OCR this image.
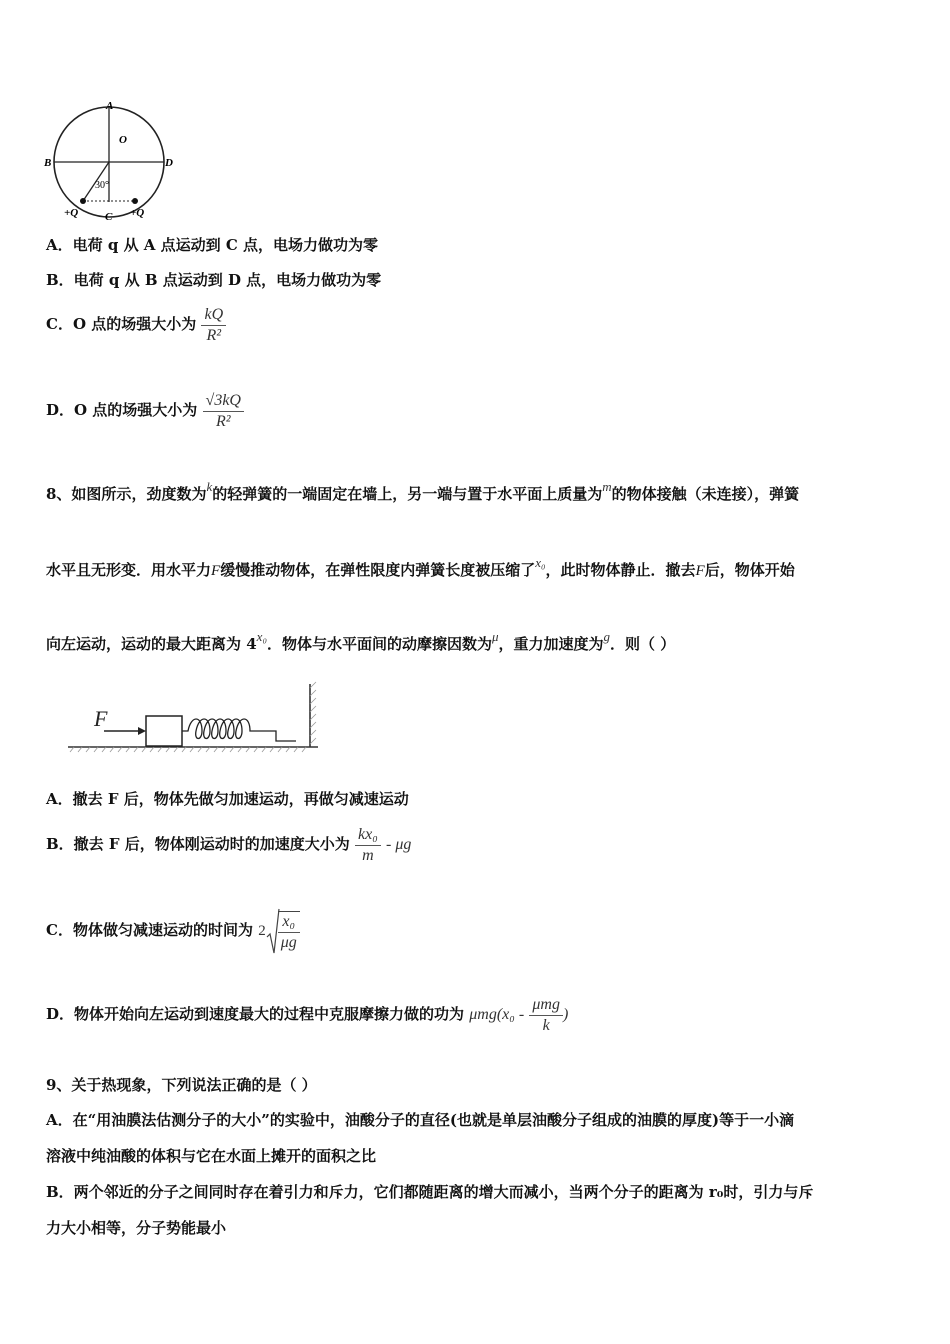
A
O
B	D
30°
C
+Q	+Q
A．电荷 q 从 A 点运动到 C 点，电场力做功为零
B．电荷 q 从 B 点运动到 D 点，电场力做功为零
C．O 点的场强大小为 $\frac{kQ}{\text{R²}}$
D．O 点的场强大小为 $\frac{√3kQ}{\text{R²}}$
8、如图所示，劲度数为k的轻弹簧的一端固定在墙上，另一端与置于水平面上质量为m的物体接触（未连接），弹簧
水平且无形变．用水平力F缓慢推动物体，在弹性限度内弹簧长度被压缩了x₀，此时物体静止．撤去F后，物体开始
向左运动，运动的最大距离为 4x₀．物体与水平面间的动摩擦因数为μ，重力加速度为g．则（ ）
F
A．撤去 F 后，物体先做匀加速运动，再做匀减速运动
B．撤去 F 后，物体刚运动时的加速度大小为 $\frac{\text{kx₀}}{m}$ - μg
C．物体做匀减速运动的时间为 $2 \frac{\text{x₀}}{\mu g}$
D．物体开始向左运动到速度最大的过程中克服摩擦力做的功为 $\mu mg(x_0 - \frac{\text{μmg}}{k}$ )
9、关于热现象，下列说法正确的是（ ）
A．在“用油膜法估测分子的大小”的实验中，油酸分子的直径(也就是单层油酸分子组成的油膜的厚度)等于一小滴
溶液中纯油酸的体积与它在水面上摊开的面积之比
B．两个邻近的分子之间同时存在着引力和斥力，它们都随距离的增大而减小，当两个分子的距离为 r₀时，引力与斥
力大小相等，分子势能最小
